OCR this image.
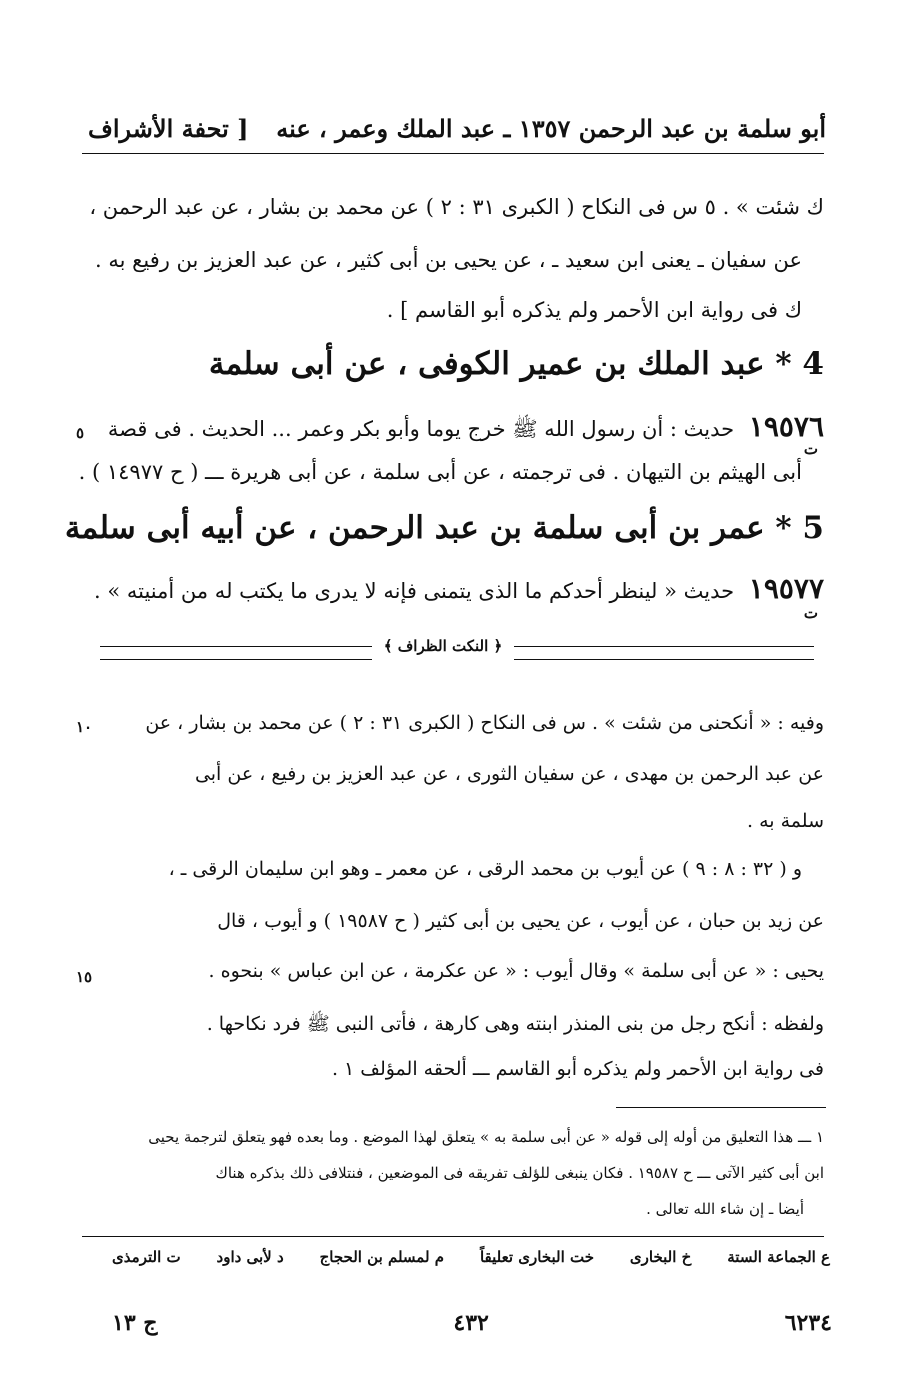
[ تحفة الأشراف أبو سلمة بن عبد الرحمن ١٣٥٧ ـ عبد الملك وعمر ، عنه
ك شئت » . ٥ س فى النكاح ( الكبرى ٣١ : ٢ ) عن محمد بن بشار ، عن عبد الرحمن ،
عن سفيان ـ يعنى ابن سعيد ـ ، عن يحيى بن أبى كثير ، عن عبد العزيز بن رفيع به .
ك فى رواية ابن الأحمر ولم يذكره أبو القاسم ] .
4 * عبد الملك بن عمير الكوفى ، عن أبى سلمة
١٩٥٧٦ حديث : أن رسول الله ﷺ خرج يوما وأبو بكر وعمر ... الحديث . فى قصة
ت
٥
أبى الهيثم بن التيهان . فى ترجمته ، عن أبى سلمة ، عن أبى هريرة ـــ ( ح ١٤٩٧٧ ) .
5 * عمر بن أبى سلمة بن عبد الرحمن ، عن أبيه أبى سلمة
١٩٥٧٧ حديث « لينظر أحدكم ما الذى يتمنى فإنه لا يدرى ما يكتب له من أمنيته » .
ت
﴿ النكت الظراف ﴾
وفيه : « أنكحنى من شئت » . س فى النكاح ( الكبرى ٣١ : ٢ ) عن محمد بن بشار ، عن
١٠
عن عبد الرحمن بن مهدى ، عن سفيان الثورى ، عن عبد العزيز بن رفيع ، عن أبى
سلمة به .
و ( ٣٢ : ٨ : ٩ ) عن أيوب بن محمد الرقى ، عن معمر ـ وهو ابن سليمان الرقى ـ ،
عن زيد بن حبان ، عن أيوب ، عن يحيى بن أبى كثير ( ح ١٩٥٨٧ ) و أيوب ، قال
يحيى : « عن أبى سلمة » وقال أيوب : « عن عكرمة ، عن ابن عباس » بنحوه .
١٥
ولفظه : أنكح رجل من بنى المنذر ابنته وهى كارهة ، فأتى النبى ﷺ فرد نكاحها .
فى رواية ابن الأحمر ولم يذكره أبو القاسم ـــ ألحقه المؤلف ١ .
١ ـــ هذا التعليق من أوله إلى قوله « عن أبى سلمة به » يتعلق لهذا الموضع . وما بعده فهو يتعلق لترجمة يحيى
ابن أبى كثير الآتى ـــ ح ١٩٥٨٧ . فكان ينبغى للؤلف تفريقه فى الموضعين ، فنتلافى ذلك بذكره هناك
أيضا ـ إن شاء الله تعالى .
ع الجماعة الستة
خ البخارى
خت البخارى تعليقاً
م لمسلم بن الحجاج
د لأبى داود
ت الترمذى
ج ١٣	٤٣٢	٦٢٣٤
